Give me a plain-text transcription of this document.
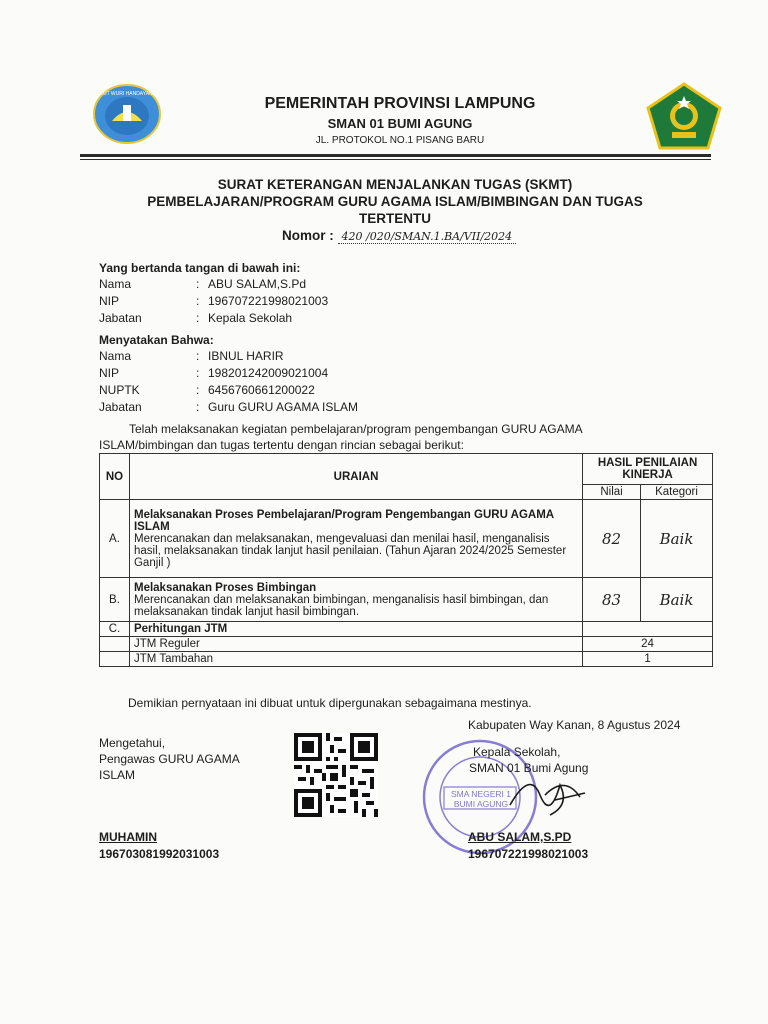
TUT WURI HANDAYANI
PEMERINTAH PROVINSI LAMPUNG
SMAN 01 BUMI AGUNG
JL. PROTOKOL NO.1 PISANG BARU
SURAT KETERANGAN MENJALANKAN TUGAS (SKMT)
PEMBELAJARAN/PROGRAM GURU AGAMA ISLAM/BIMBINGAN DAN TUGAS
TERTENTU
Nomor : 420 /020/SMAN.1.BA/VII/2024
Yang bertanda tangan di bawah ini:
Nama	: ABU SALAM,S.Pd
NIP	: 196707221998021003
Jabatan	: Kepala Sekolah
Menyatakan Bahwa:
Nama	: IBNUL HARIR
NIP	: 198201242009021004
NUPTK	: 6456760661200022
Jabatan	: Guru GURU AGAMA ISLAM
Telah melaksanakan kegiatan pembelajaran/program pengembangan GURU AGAMA ISLAM/bimbingan dan tugas tertentu dengan rincian sebagai berikut:
NO	URAIAN	HASIL PENILAIAN KINERJA	
		Nilai	Kategori
A.	Melaksanakan Proses Pembelajaran/Program Pengembangan GURU AGAMA ISLAM
Merencanakan dan melaksanakan, mengevaluasi dan menilai hasil, menganalisis hasil, melaksanakan tindak lanjut hasil penilaian. (Tahun Ajaran 2024/2025 Semester Ganjil )	82	Baik
B.	Melaksanakan Proses Bimbingan
Merencanakan dan melaksanakan bimbingan, menganalisis hasil bimbingan, dan melaksanakan tindak lanjut hasil bimbingan.	83	Baik
C.	Perhitungan JTM		
	JTM Reguler	24	
	JTM Tambahan	1	
Demikian pernyataan ini dibuat untuk dipergunakan sebagaimana mestinya.
Kabupaten Way Kanan, 8 Agustus 2024
SMA NEGERI 1 BUMI AGUNG
Kepala Sekolah,
SMAN 01 Bumi Agung
ABU SALAM,S.PD
196707221998021003
Mengetahui,
Pengawas GURU AGAMA
ISLAM
MUHAMIN
196703081992031003
